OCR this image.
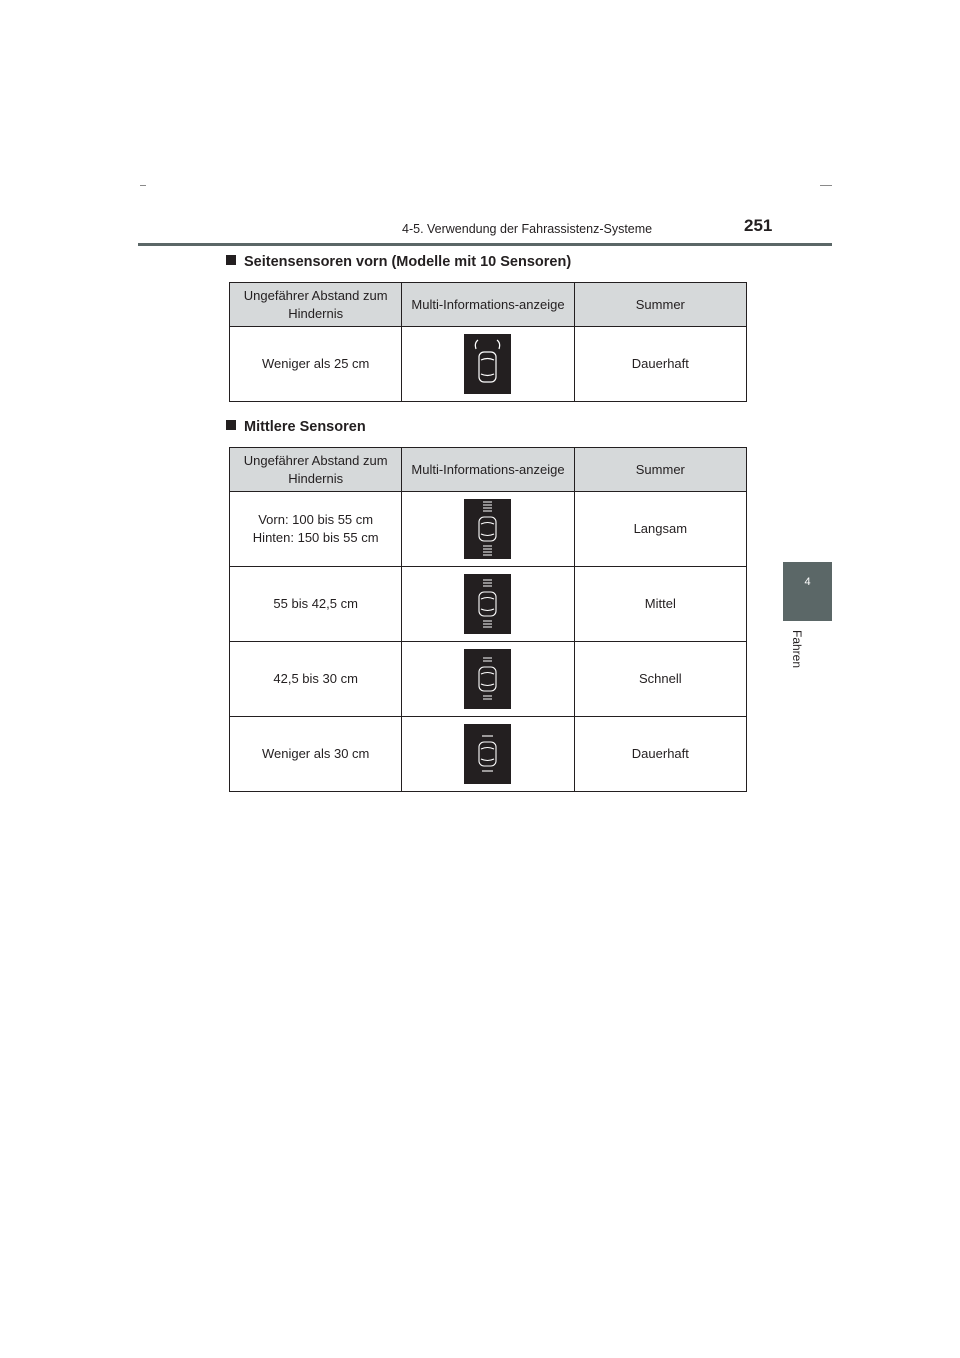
4-5. Verwendung der Fahrassistenz-Systeme	251
4
Fahren
Seitensensoren vorn (Modelle mit 10 Sensoren)
Ungefährer Abstand zum Hindernis	Multi-Informations-anzeige	Summer
Weniger als 25 cm		Dauerhaft
Mittlere Sensoren
Ungefährer Abstand zum Hindernis	Multi-Informations-anzeige	Summer

Vorn: 100 bis 55 cm
Hinten: 150 bis 55 cm		Langsam
55 bis 42,5 cm		Mittel
42,5 bis 30 cm		Schnell
Weniger als 30 cm		Dauerhaft
